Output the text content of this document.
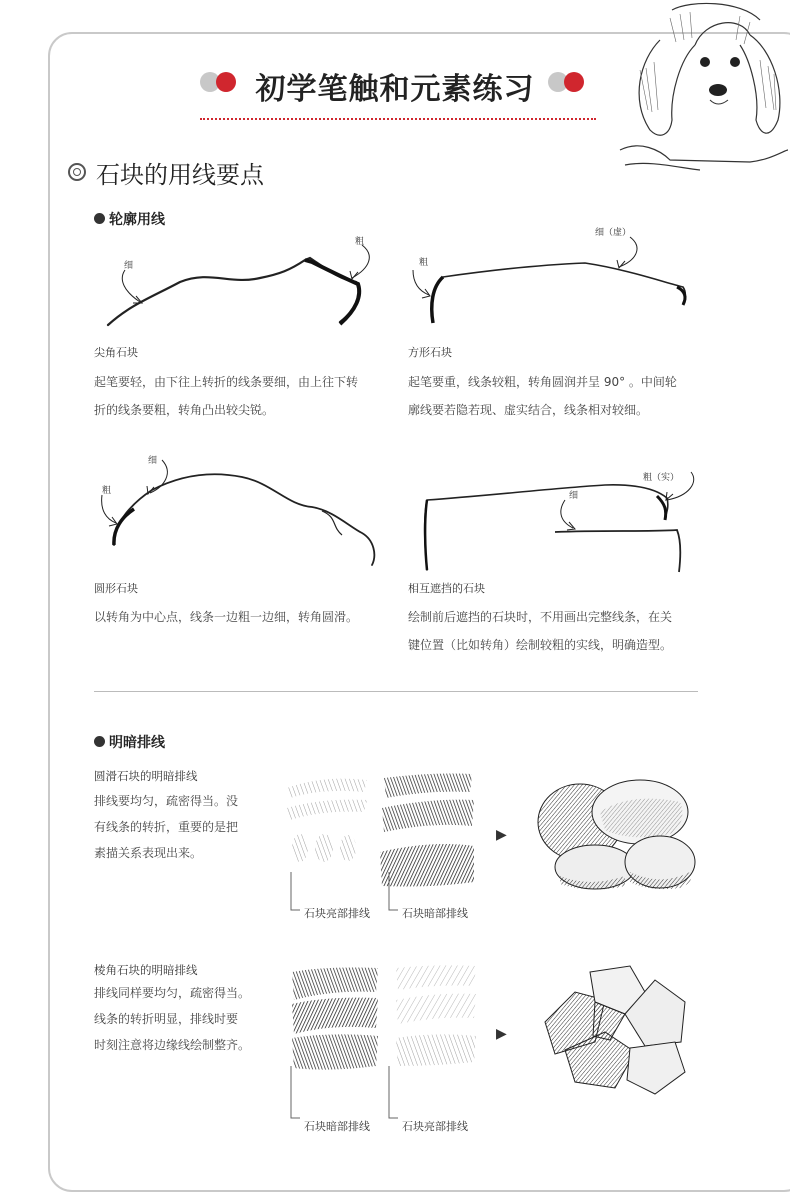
初学笔触和元素练习
石块的用线要点
轮廓用线
细
粗
尖角石块
起笔要轻，由下往上转折的线条要细，由上往下转
折的线条要粗，转角凸出较尖锐。
粗
细（虚）
方形石块
起笔要重，线条较粗，转角圆润并呈 90° 。中间轮
廓线要若隐若现、虚实结合，线条相对较细。
粗
细
圆形石块
以转角为中心点，线条一边粗一边细，转角圆滑。
细
粗（实）
相互遮挡的石块
绘制前后遮挡的石块时，不用画出完整线条，在关
键位置（比如转角）绘制较粗的实线，明确造型。
明暗排线
圆滑石块的明暗排线
排线要均匀，疏密得当。没
有线条的转折，重要的是把
素描关系表现出来。
石块亮部排线	石块暗部排线
▶
棱角石块的明暗排线
排线同样要均匀，疏密得当。
线条的转折明显，排线时要
时刻注意将边缘线绘制整齐。
石块暗部排线	石块亮部排线
▶
